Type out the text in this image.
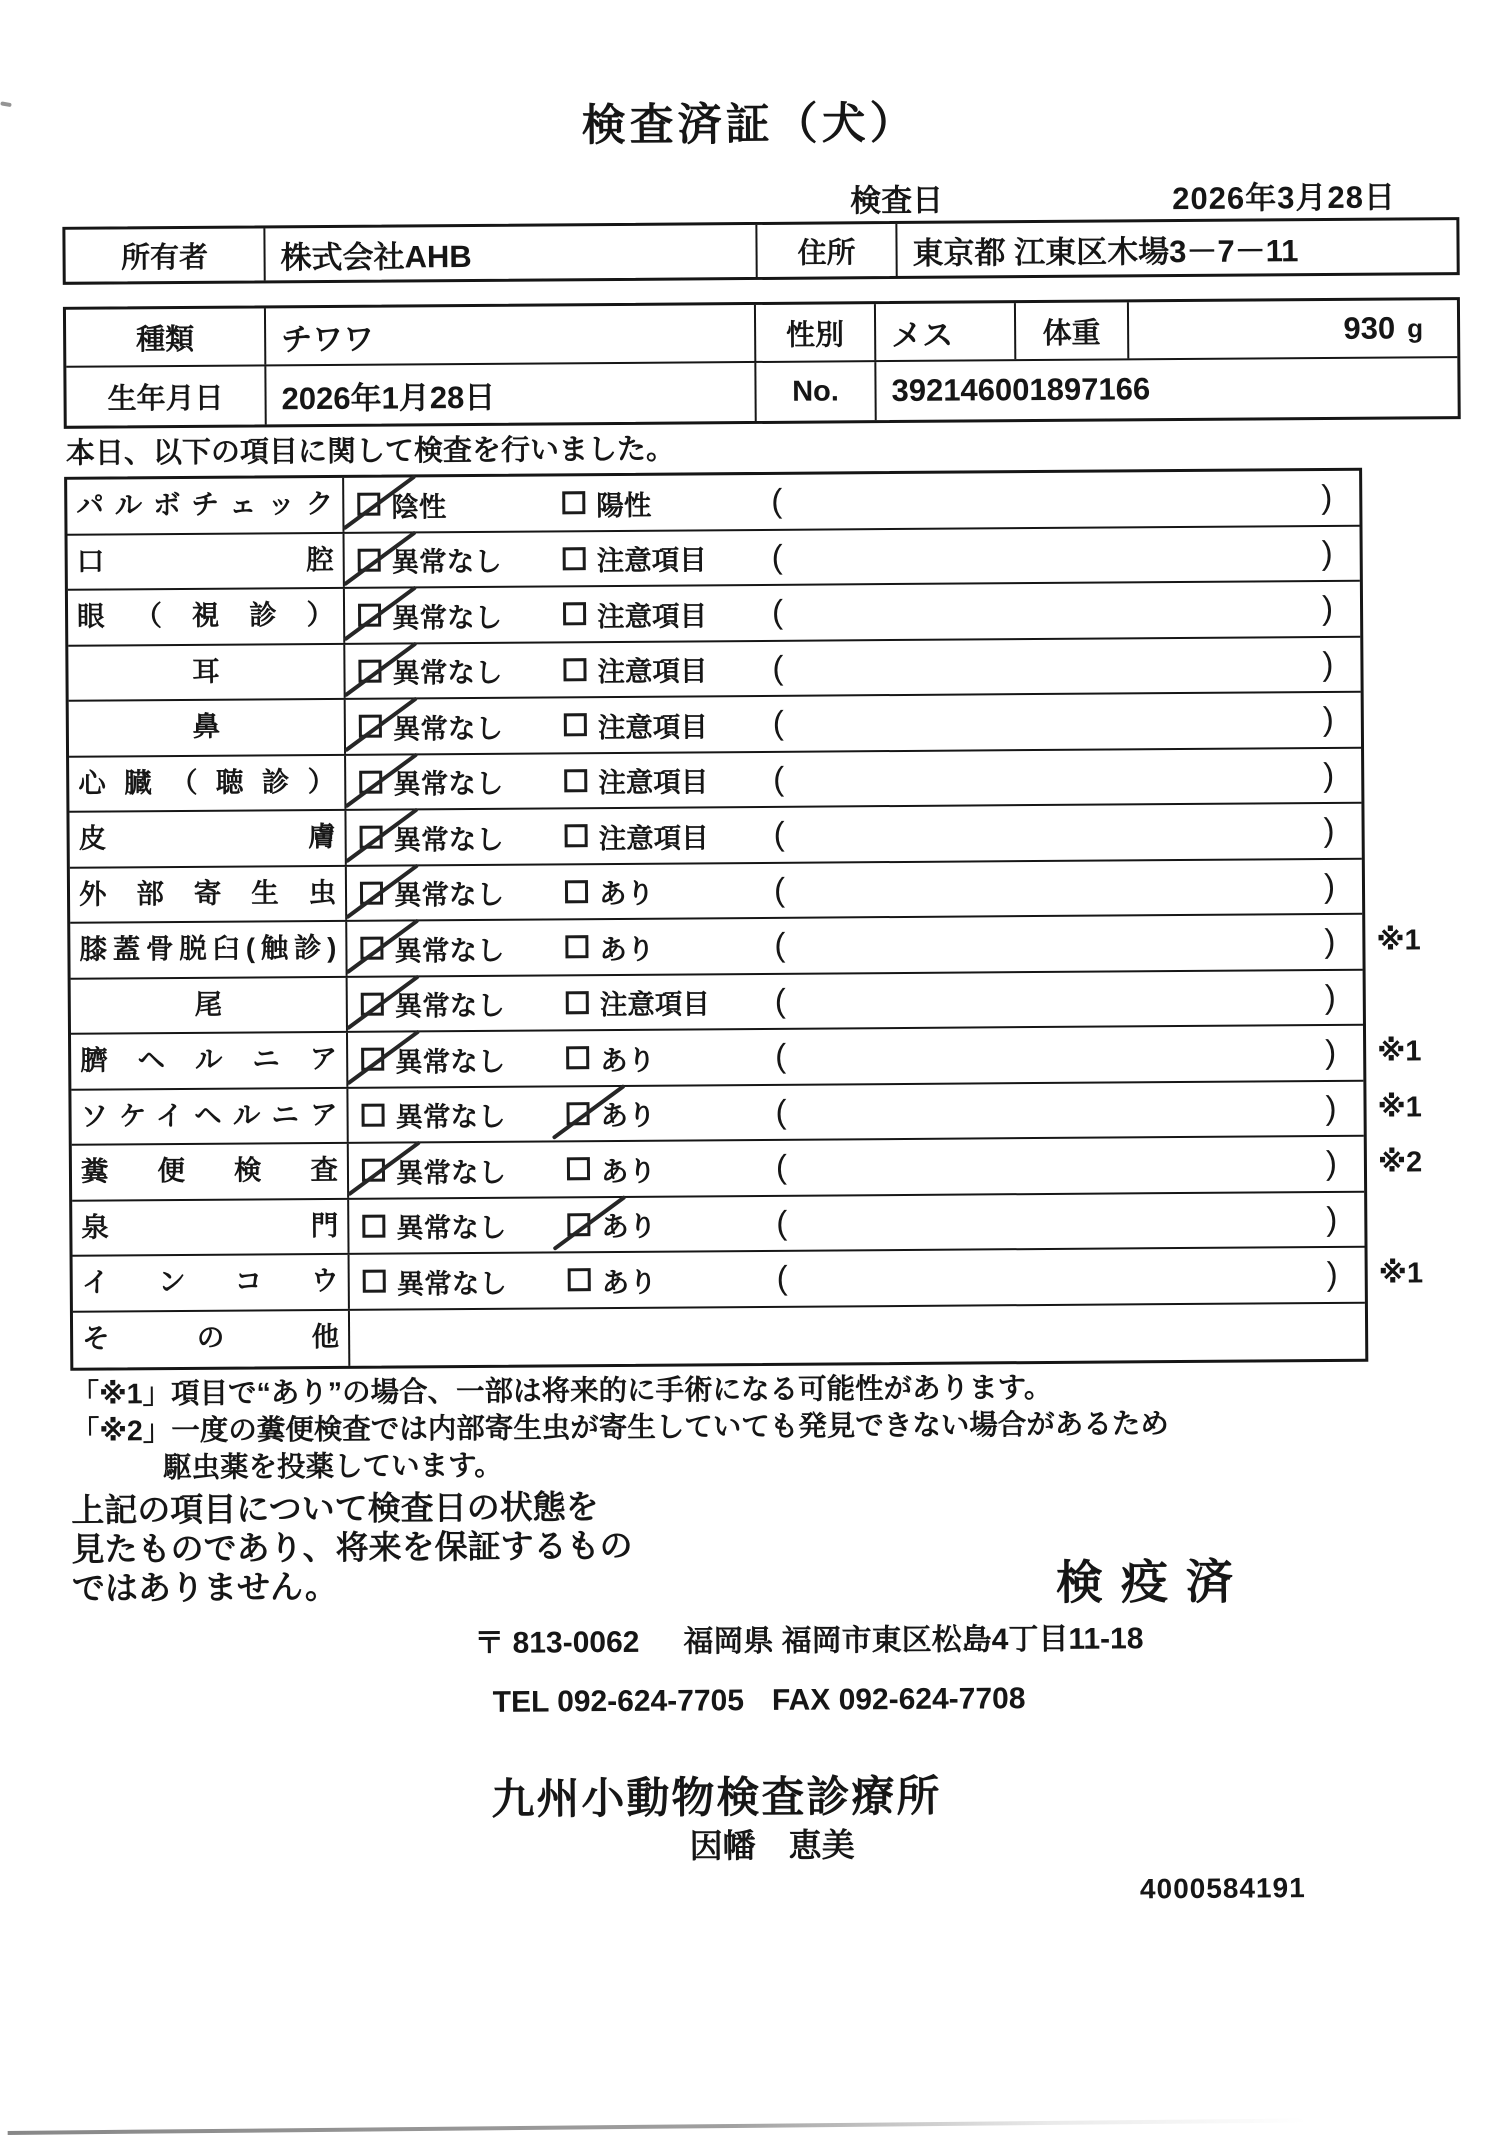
検査済証（犬）
検査日	2026年3月28日
所有者	株式会社AHB	住所	東京都 江東区木場3－7－11
種類	チワワ	性別	メス	体重	930 g
生年月日	2026年1月28日	No.	392146001897166
本日、以下の項目に関して検査を行いました。
パルボチェック	陰性	陽性	(	)
口腔	異常なし	注意項目 (	)
眼（視診）	異常なし	注意項目 (	)
耳	異常なし	注意項目 (	)
鼻	異常なし	注意項目 (	)
心臓（聴診）	異常なし	注意項目 (	)
皮膚	異常なし	注意項目 (	)
外部寄生虫	異常なし	あり	(	)
膝蓋骨脱臼(触診)	異常なし	あり	(	) ※1
尾	異常なし	注意項目 (	)
臍ヘルニア	異常なし	あり	(	) ※1
ソケイヘルニア	異常なし	あり	(	) ※1
糞便検査	異常なし	あり	(	) ※2
泉門	異常なし	あり	(	)
インコウ	異常なし	あり	(	) ※1
その他
「※1」項目で“あり”の場合、一部は将来的に手術になる可能性があります。
「※2」一度の糞便検査では内部寄生虫が寄生していても発見できない場合があるため
駆虫薬を投薬しています。
上記の項目について検査日の状態を
見たものであり、将来を保証するもの
ではありません。	検疫済
〒 813-0062 福岡県 福岡市東区松島4丁目11-18
TEL 092-624-7705 FAX 092-624-7708
九州小動物検査診療所
因幡　恵美
4000584191
